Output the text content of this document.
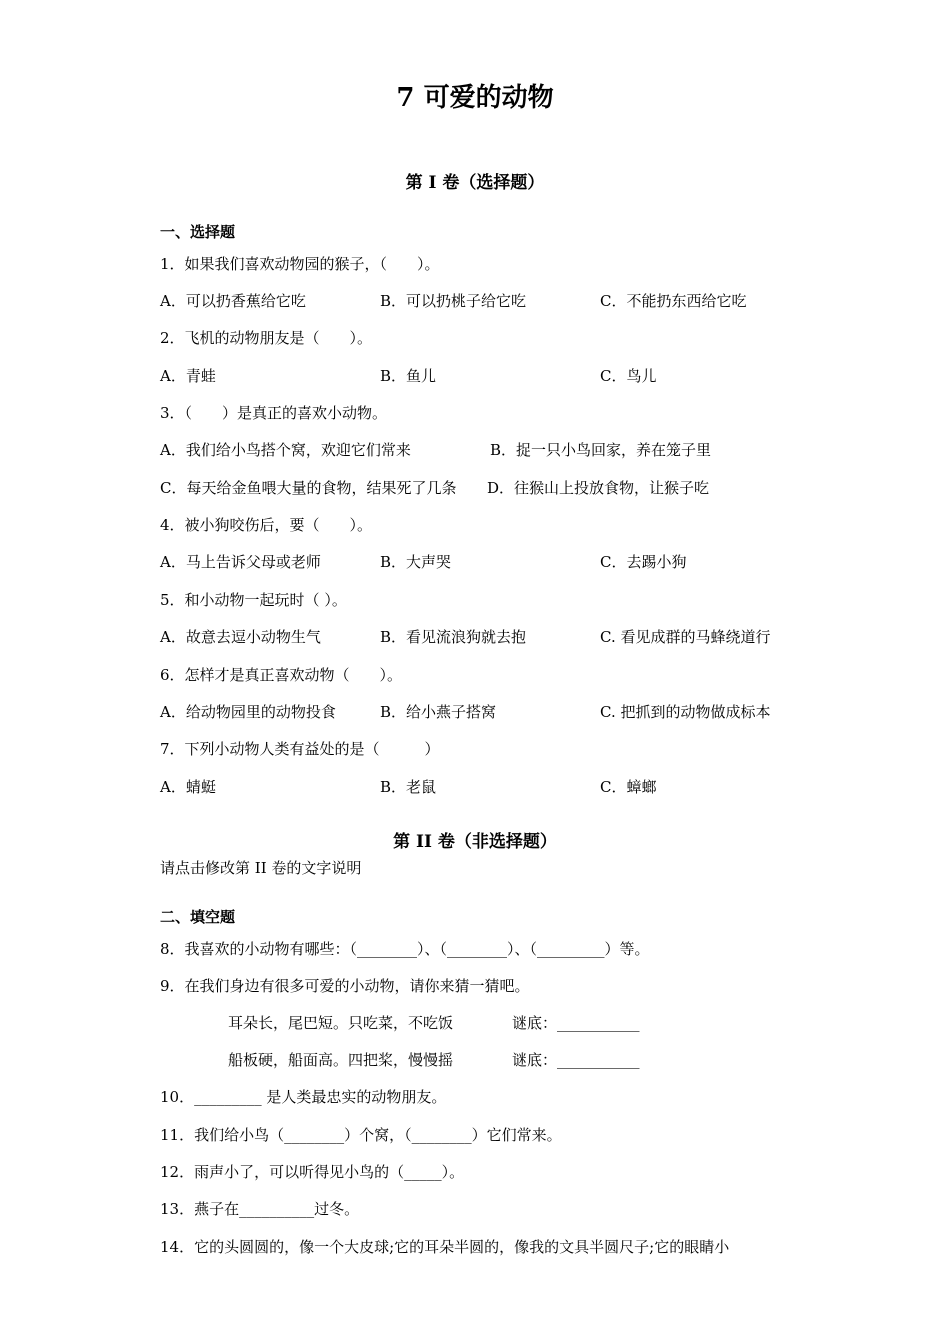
7 可爱的动物
第 I 卷（选择题）
一、选择题
1．如果我们喜欢动物园的猴子，（　　）。
A．可以扔香蕉给它吃	B．可以扔桃子给它吃	C．不能扔东西给它吃
2．飞机的动物朋友是（　　）。
A．青蛙	B．鱼儿	C．鸟儿
3．（　　）是真正的喜欢小动物。
A．我们给小鸟搭个窝，欢迎它们常来	B．捉一只小鸟回家，养在笼子里
C．每天给金鱼喂大量的食物，结果死了几条 D．往猴山上投放食物，让猴子吃
4．被小狗咬伤后，要（　　）。
A．马上告诉父母或老师	B．大声哭	C．去踢小狗
5．和小动物一起玩时（ ）。
A．故意去逗小动物生气	B．看见流浪狗就去抱	C. 看见成群的马蜂绕道行
6．怎样才是真正喜欢动物（　　）。
A．给动物园里的动物投食	B．给小燕子搭窝	C. 把抓到的动物做成标本
7．下列小动物人类有益处的是（　　　）
A．蜻蜓	B．老鼠	C．蟑螂
第 II 卷（非选择题）
请点击修改第 II 卷的文字说明
二、填空题
8．我喜欢的小动物有哪些：（________）、（________）、（_________）等。
9．在我们身边有很多可爱的小动物，请你来猜一猜吧。
耳朵长，尾巴短。只吃菜，不吃饭	谜底：___________
船板硬，船面高。四把桨，慢慢摇	谜底：___________
10．_________ 是人类最忠实的动物朋友。
11．我们给小鸟（________）个窝，（________）它们常来。
12．雨声小了，可以听得见小鸟的（_____）。
13．燕子在__________过冬。
14．它的头圆圆的，像一个大皮球;它的耳朵半圆的，像我的文具半圆尺子;它的眼睛小
